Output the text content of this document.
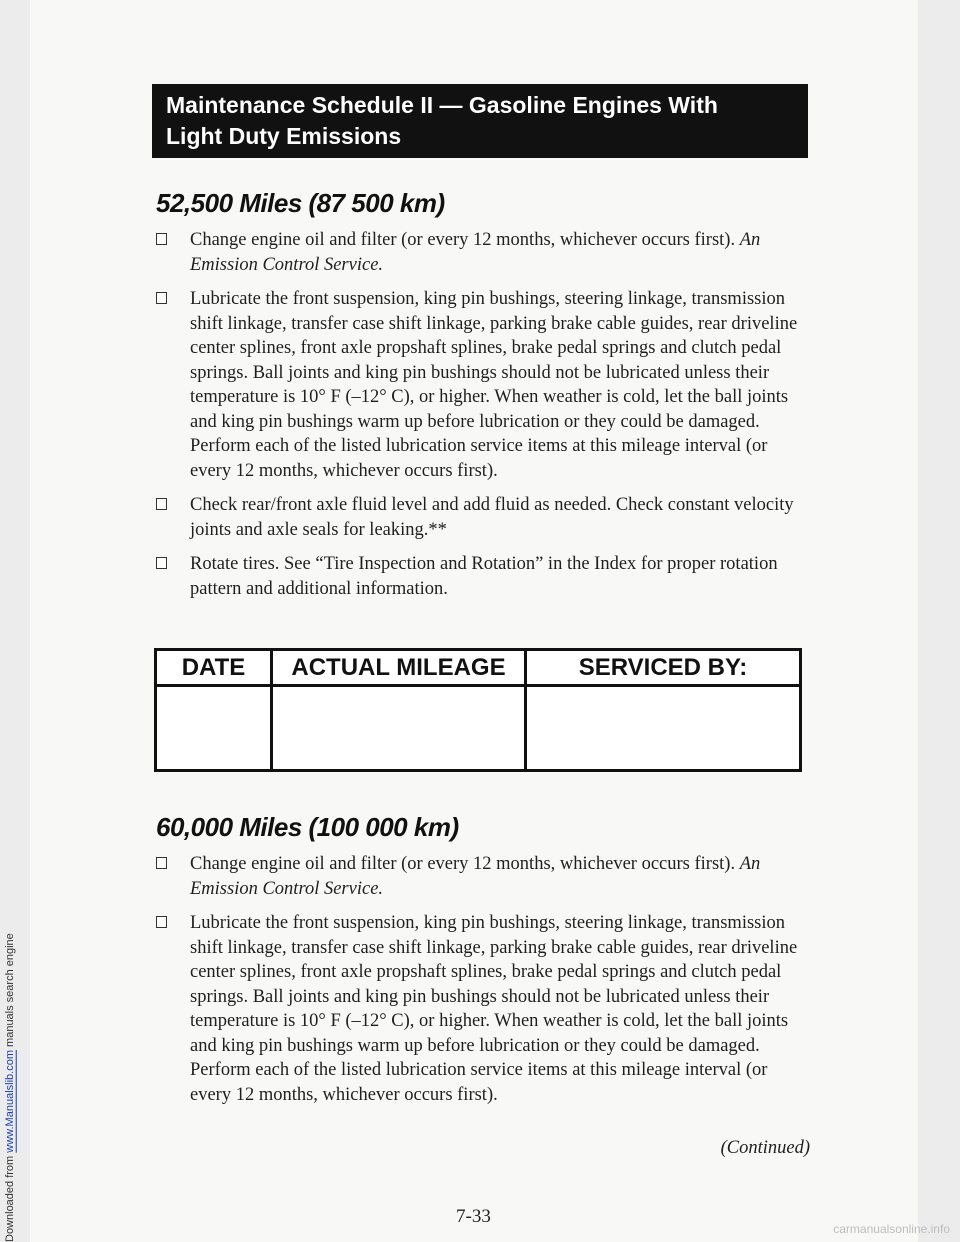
Downloaded from www.Manualslib.com manuals search engine
Maintenance Schedule II — Gasoline Engines With
Light Duty Emissions
52,500 Miles (87 500 km)
Change engine oil and filter (or every 12 months, whichever occurs first). An Emission Control Service.
Lubricate the front suspension, king pin bushings, steering linkage, transmission shift linkage, transfer case shift linkage, parking brake cable guides, rear driveline center splines, front axle propshaft splines, brake pedal springs and clutch pedal springs. Ball joints and king pin bushings should not be lubricated unless their temperature is 10° F (–12° C), or higher. When weather is cold, let the ball joints and king pin bushings warm up before lubrication or they could be damaged. Perform each of the listed lubrication service items at this mileage interval (or every 12 months, whichever occurs first).
Check rear/front axle fluid level and add fluid as needed. Check constant velocity joints and axle seals for leaking.**
Rotate tires. See “Tire Inspection and Rotation” in the Index for proper rotation pattern and additional information.
DATE	ACTUAL MILEAGE	SERVICED BY:
60,000 Miles (100 000 km)
Change engine oil and filter (or every 12 months, whichever occurs first). An Emission Control Service.
Lubricate the front suspension, king pin bushings, steering linkage, transmission shift linkage, transfer case shift linkage, parking brake cable guides, rear driveline center splines, front axle propshaft splines, brake pedal springs and clutch pedal springs. Ball joints and king pin bushings should not be lubricated unless their temperature is 10° F (–12° C), or higher. When weather is cold, let the ball joints and king pin bushings warm up before lubrication or they could be damaged. Perform each of the listed lubrication service items at this mileage interval (or every 12 months, whichever occurs first).
(Continued)
7-33
carmanualsonline.info
